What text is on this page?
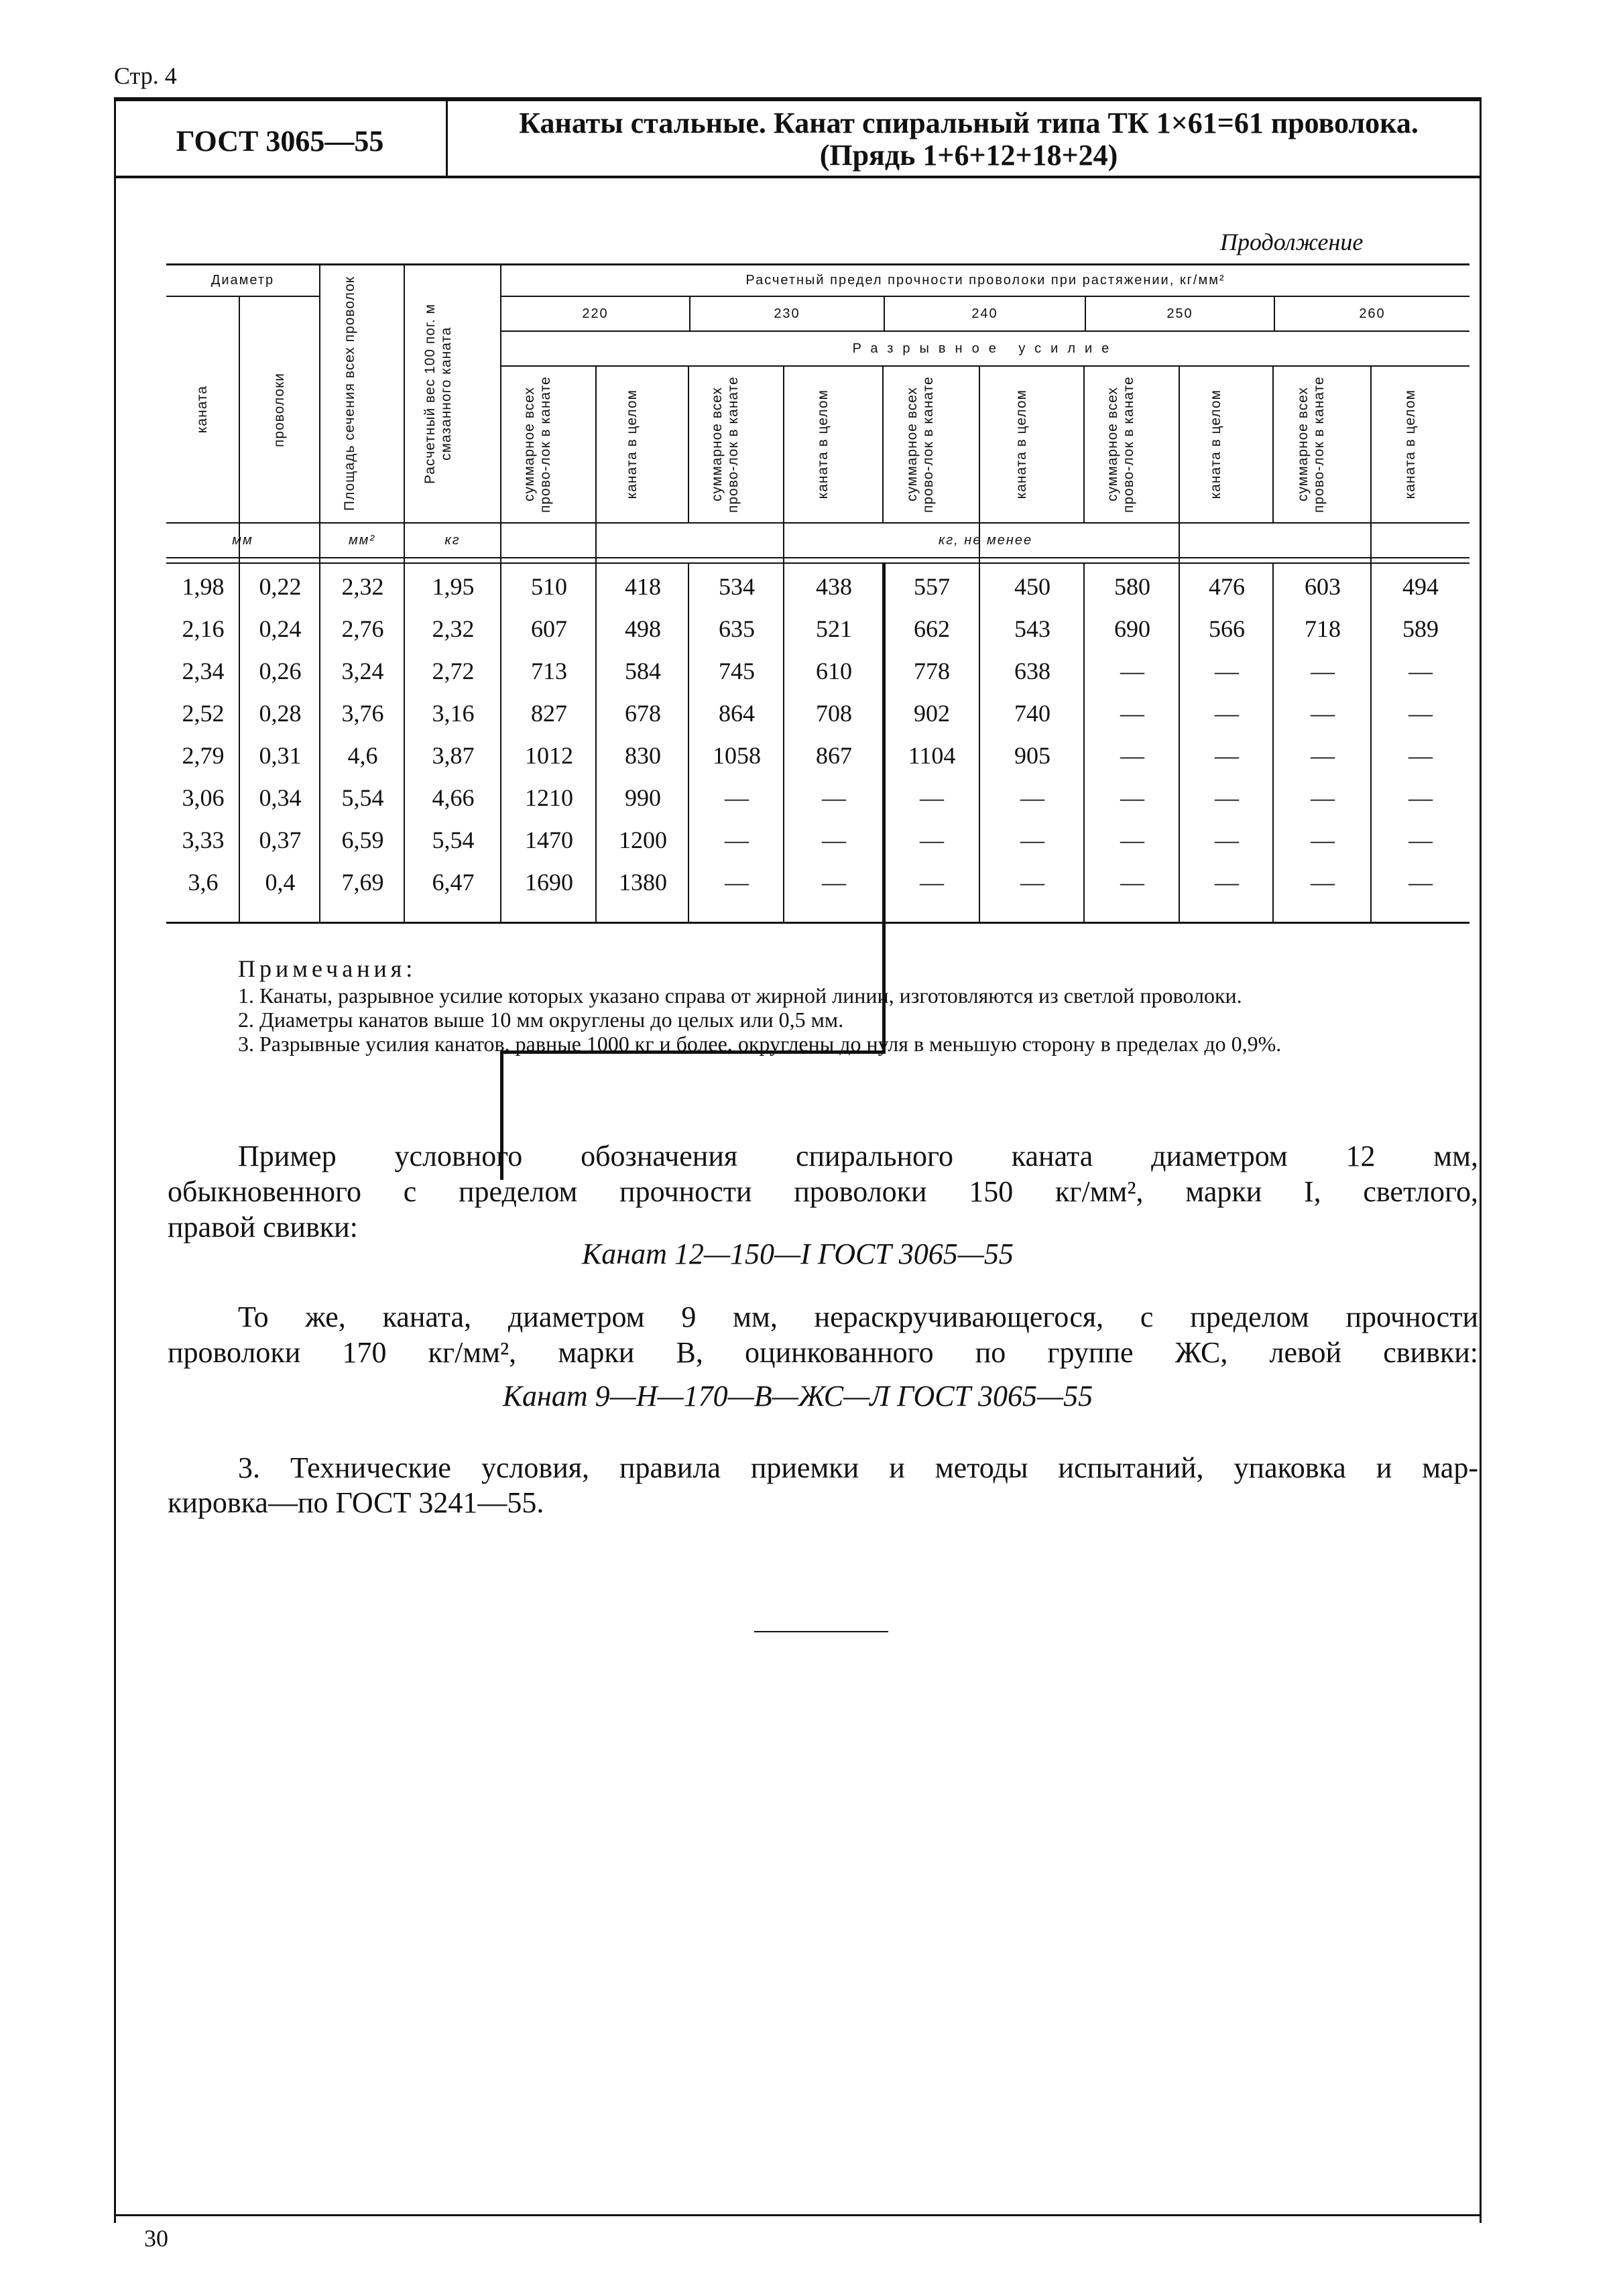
Стр. 4
ГОСТ 3065—55
Канаты стальные. Канат спиральный типа ТК 1×61=61 проволока.
(Прядь 1+6+12+18+24)
Продолжение
Диаметр	Расчетный предел прочности проволоки при растяжении, кг/мм²
220	230	240	250	260
Разрывное усилие
каната	проволоки	Площадь сечения всех проволок	Расчетный вес 100 пог. м смазанного каната	суммарное всех прово-лок в канате	каната в целом	суммарное всех прово-лок в канате	каната в целом	суммарное всех прово-лок в канате	каната в целом	суммарное всех прово-лок в канате	каната в целом	суммарное всех прово-лок в канате	каната в целом
мм	мм²	кг	кг, не менее
1,98	0,22	2,32	1,95	510	418	534	438	557	450	580	476	603	494
2,16	0,24	2,76	2,32	607	498	635	521	662	543	690	566	718	589
2,34	0,26	3,24	2,72	713	584	745	610	778	638	—	—	—	—
2,52	0,28	3,76	3,16	827	678	864	708	902	740	—	—	—	—
2,79	0,31	4,6	3,87	1012	830	1058	867	1104	905	—	—	—	—
3,06	0,34	5,54	4,66	1210	990	—	—	—	—	—	—	—	—
3,33	0,37	6,59	5,54	1470	1200	—	—	—	—	—	—	—	—
3,6	0,4	7,69	6,47	1690	1380	—	—	—	—	—	—	—	—

Примечания:

1. Канаты, разрывное усилие которых указано справа от жирной линии, изготовляются из светлой проволоки.

2. Диаметры канатов выше 10 мм округлены до целых или 0,5 мм.

3. Разрывные усилия канатов, равные 1000 кг и более, округлены до нуля в меньшую сторону в пределах до 0,9%.

Пример условного обозначения спирального каната диаметром 12 мм,
обыкновенного с пределом прочности проволоки 150 кг/мм², марки I, светлого,
правой свивки:
Канат 12—150—I ГОСТ 3065—55
То же, каната, диаметром 9 мм, нераскручивающегося, с пределом прочности
проволоки 170 кг/мм², марки В, оцинкованного по группе ЖС, левой свивки:
Канат 9—Н—170—В—ЖС—Л ГОСТ 3065—55
3. Технические условия, правила приемки и методы испытаний, упаковка и мар-
кировка—по ГОСТ 3241—55.
30
